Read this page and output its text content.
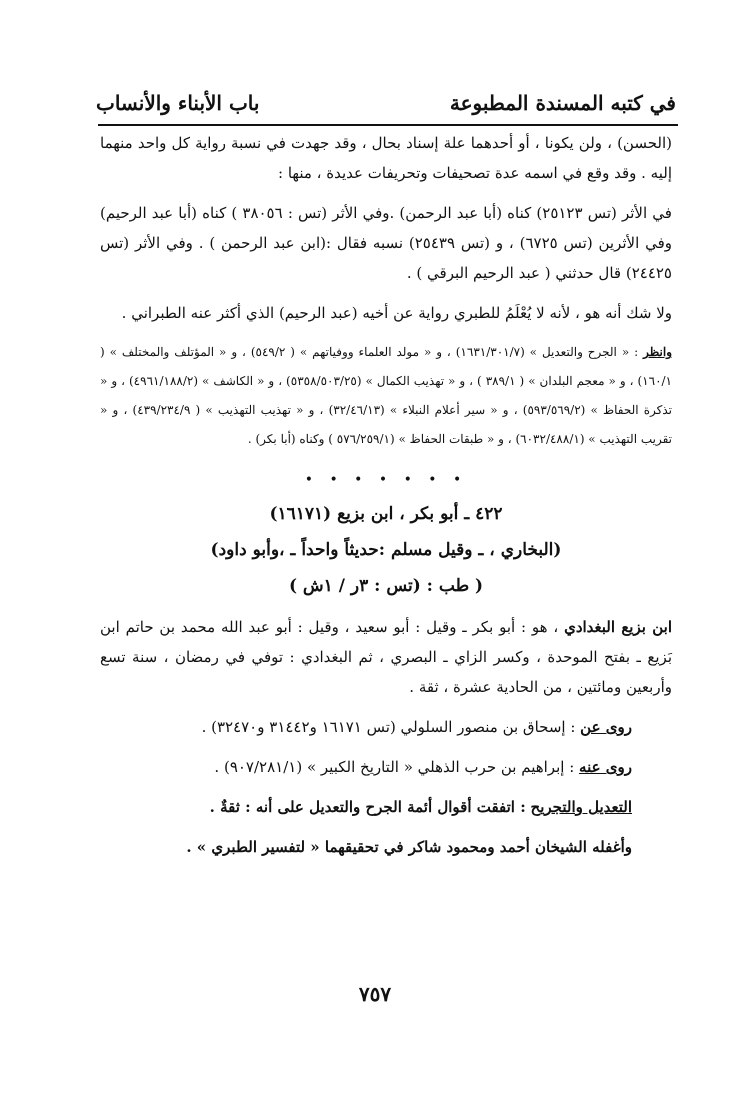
في كتبه المسندة المطبوعة
باب الأبناء والأنساب

(الحسن) ، ولن يكونا ، أو أحدهما علة إسناد بحال ، وقد جهدت في نسبة رواية كل واحد منهما إليه . وقد وقع في اسمه عدة تصحيفات وتحريفات عديدة ، منها :

في الأثر (تس ٢٥١٢٣) كناه (أبا عبد الرحمن) .وفي الأثر (تس : ٣٨٠٥٦ ) كناه (أبا عبد الرحيم) وفي الأثرين (تس ٦٧٢٥) ، و (تس ٢٥٤٣٩) نسبه فقال :(ابن عبد الرحمن ) . وفي الأثر (تس ٢٤٤٢٥) قال حدثني ( عبد الرحيم البرقي ) .

ولا شك أنه هو ، لأنه لا يُعْلَمُ للطبري رواية عن أخيه (عبد الرحيم) الذي أكثر عنه الطبراني .

وانظر : « الجرح والتعديل » (١٦٣١/٣٠١/٧) ، و « مولد العلماء ووفياتهم » ( ٥٤٩/٢) ، و « المؤتلف والمختلف » ( ١٦٠/١) ، و « معجم البلدان » ( ٣٨٩/١ ) ، و « تهذيب الكمال » (٥٣٥٨/٥٠٣/٢٥) ، و « الكاشف » (٤٩٦١/١٨٨/٢) ، و « تذكرة الحفاظ » (٥٩٣/٥٦٩/٢) ، و « سير أعلام النبلاء » (٣٢/٤٦/١٣) ، و « تهذيب التهذيب » ( ٤٣٩/٢٣٤/٩) ، و « تقريب التهذيب » (٦٠٣٢/٤٨٨/١) ، و « طبقات الحفاظ » (٥٧٦/٢٥٩/١ ) وكناه (أبا بكر) .

• • • • • • •
٤٢٢ ـ أبو بكر ، ابن بزيع (١٦١٧١)
(البخاري ، ـ وقيل مسلم :حديثاً واحداً ـ ،وأبو داود)
( طب : (تس : ٣ر / ١ش )

ابن بزيع البغدادي ، هو : أبو بكر ـ وقيل : أبو سعيد ، وقيل : أبو عبد الله محمد بن حاتم ابن بَزيع ـ بفتح الموحدة ، وكسر الزاي ـ البصري ، ثم البغدادي : توفي في رمضان ، سنة تسع وأربعين ومائتين ، من الحادية عشرة ، ثقة .

روى عن : إسحاق بن منصور السلولي (تس ١٦١٧١ و٣١٤٤٢ و٣٢٤٧٠) .

روى عنه : إبراهيم بن حرب الذهلي « التاريخ الكبير » (٩٠٧/٢٨١/١) .

التعديل والتجريح : اتفقت أقوال أئمة الجرح والتعديل على أنه : ثقةٌ .

وأغفله الشيخان أحمد ومحمود شاكر في تحقيقهما « لتفسير الطبري » .

٧٥٧
